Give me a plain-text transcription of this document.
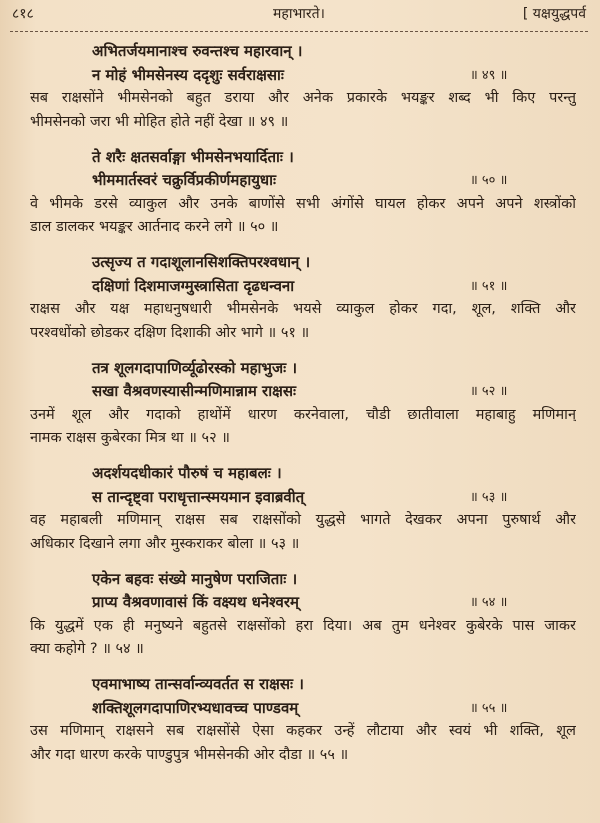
८१८	महाभारते।	[ यक्षयुद्धपर्व
अभितर्जयमानाश्च रुवन्तश्च महारवान् ।
न मोहं भीमसेनस्य ददृशुः सर्वराक्षसाः	॥ ४९ ॥
सब राक्षसोंने भीमसेनको बहुत डराया और अनेक प्रकारके भयङ्कर शब्द भी किए परन्तु
भीमसेनको जरा भी मोहित होते नहीं देखा ॥ ४९ ॥
ते शरैः क्षतसर्वाङ्गा भीमसेनभयार्दिताः ।
भीममार्तस्वरं चक्रुर्विप्रकीर्णमहायुधाः	॥ ५० ॥
वे भीमके डरसे व्याकुल और उनके बाणोंसे सभी अंगोंसे घायल होकर अपने अपने शस्त्रोंको
डाल डालकर भयङ्कर आर्तनाद करने लगे ॥ ५० ॥
उत्सृज्य त गदाशूलानसिशक्तिपरश्वधान् ।
दक्षिणां दिशमाजग्मुस्त्रासिता दृढधन्वना	॥ ५१ ॥
राक्षस और यक्ष महाधनुषधारी भीमसेनके भयसे व्याकुल होकर गदा, शूल, शक्ति और
परश्वधोंको छोडकर दक्षिण दिशाकी ओर भागे ॥ ५१ ॥
तत्र शूलगदापाणिर्व्यूढोरस्को महाभुजः ।
सखा वैश्रवणस्यासीन्मणिमान्नाम राक्षसः	॥ ५२ ॥
उनमें शूल और गदाको हाथोंमें धारण करनेवाला, चौडी छातीवाला महाबाहु मणिमान्
नामक राक्षस कुबेरका मित्र था ॥ ५२ ॥
अदर्शयदधीकारं पौरुषं च महाबलः ।
स तान्दृष्ट्वा पराधृत्तान्स्मयमान इवाब्रवीत्	॥ ५३ ॥
वह महाबली मणिमान् राक्षस सब राक्षसोंको युद्धसे भागते देखकर अपना पुरुषार्थ और
अधिकार दिखाने लगा और मुस्कराकर बोला ॥ ५३ ॥
एकेन बहवः संख्ये मानुषेण पराजिताः ।
प्राप्य वैश्रवणावासं किं वक्ष्यथ धनेश्वरम्	॥ ५४ ॥
कि युद्धमें एक ही मनुष्यने बहुतसे राक्षसोंको हरा दिया। अब तुम धनेश्वर कुबेरके पास जाकर
क्या कहोगे ? ॥ ५४ ॥
एवमाभाष्य तान्सर्वान्व्यवर्तत स राक्षसः ।
शक्तिशूलगदापाणिरभ्यधावच्च पाण्डवम्	॥ ५५ ॥
उस मणिमान् राक्षसने सब राक्षसोंसे ऐसा कहकर उन्हें लौटाया और स्वयं भी शक्ति, शूल
और गदा धारण करके पाण्डुपुत्र भीमसेनकी ओर दौडा ॥ ५५ ॥
